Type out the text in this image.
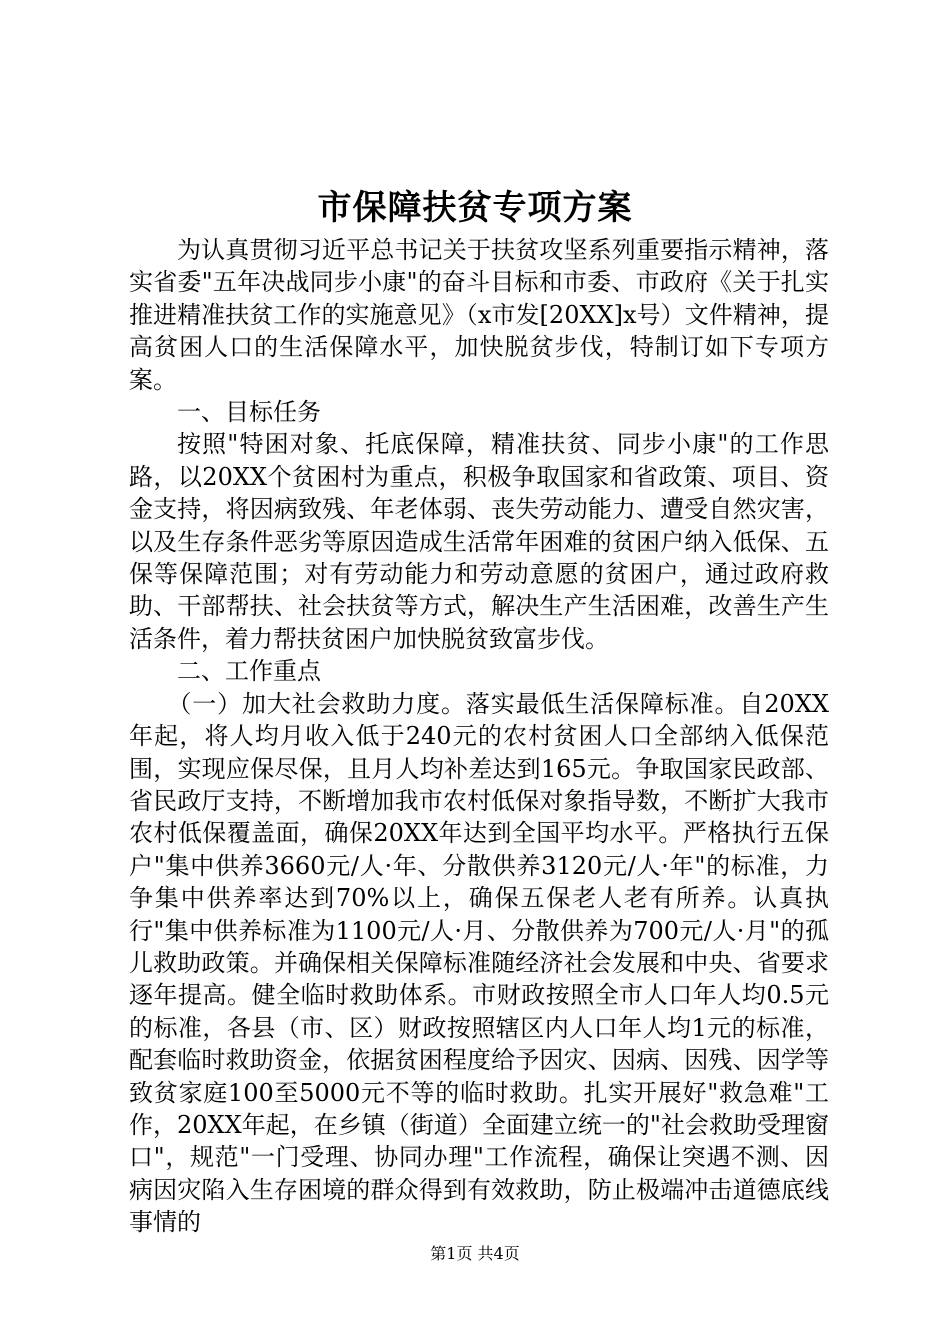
市保障扶贫专项方案

为认真贯彻习近平总书记关于扶贫攻坚系列重要指示精神，落实省委"五年决战同步小康"的奋斗目标和市委、市政府《关于扎实推进精准扶贫工作的实施意见》（x市发[20XX]x号）文件精神，提高贫困人口的生活保障水平，加快脱贫步伐，特制订如下专项方案。

一、目标任务

按照"特困对象、托底保障，精准扶贫、同步小康"的工作思路，以20XX个贫困村为重点，积极争取国家和省政策、项目、资金支持，将因病致残、年老体弱、丧失劳动能力、遭受自然灾害，以及生存条件恶劣等原因造成生活常年困难的贫困户纳入低保、五保等保障范围；对有劳动能力和劳动意愿的贫困户，通过政府救助、干部帮扶、社会扶贫等方式，解决生产生活困难，改善生产生活条件，着力帮扶贫困户加快脱贫致富步伐。

二、工作重点

（一）加大社会救助力度。落实最低生活保障标准。自20XX年起，将人均月收入低于240元的农村贫困人口全部纳入低保范围，实现应保尽保，且月人均补差达到165元。争取国家民政部、省民政厅支持，不断增加我市农村低保对象指导数，不断扩大我市农村低保覆盖面，确保20XX年达到全国平均水平。严格执行五保户"集中供养3660元/人·年、分散供养3120元/人·年"的标准，力争集中供养率达到70%以上，确保五保老人老有所养。认真执行"集中供养标准为1100元/人·月、分散供养为700元/人·月"的孤儿救助政策。并确保相关保障标准随经济社会发展和中央、省要求逐年提高。健全临时救助体系。市财政按照全市人口年人均0.5元的标准，各县（市、区）财政按照辖区内人口年人均1元的标准，配套临时救助资金，依据贫困程度给予因灾、因病、因残、因学等致贫家庭100至5000元不等的临时救助。扎实开展好"救急难"工作，20XX年起，在乡镇（街道）全面建立统一的"社会救助受理窗口"，规范"一门受理、协同办理"工作流程，确保让突遇不测、因病因灾陷入生存困境的群众得到有效救助，防止极端冲击道德底线事情的

第1页 共4页
